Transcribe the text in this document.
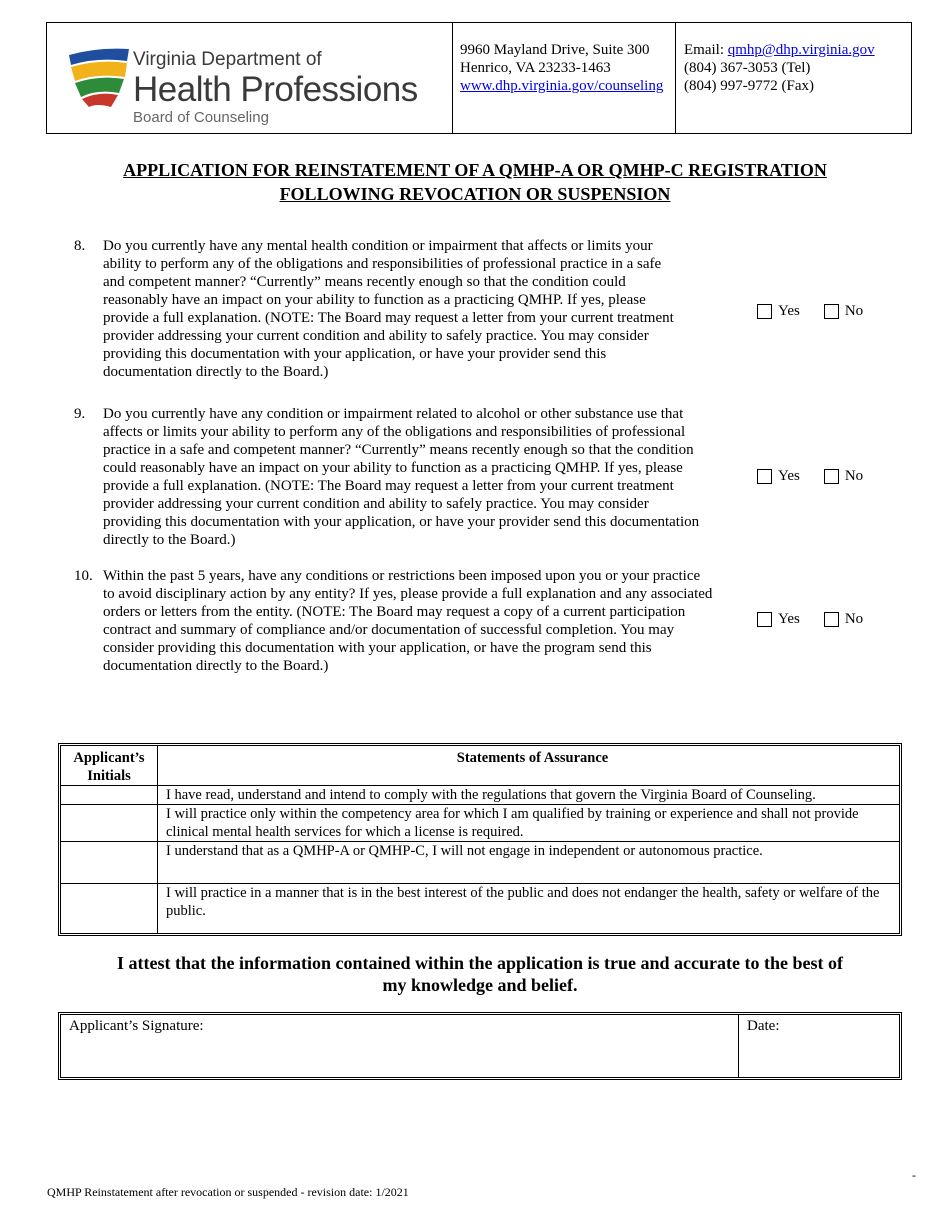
Virginia Department of
Health Professions
Board of Counseling
9960 Mayland Drive, Suite 300
Henrico, VA 23233-1463
www.dhp.virginia.gov/counseling
Email: qmhp@dhp.virginia.gov
(804) 367-3053 (Tel)
(804) 997-9772 (Fax)
APPLICATION FOR REINSTATEMENT OF A QMHP-A OR QMHP-C REGISTRATION
FOLLOWING REVOCATION OR SUSPENSION
8.	Do you currently have any mental health condition or impairment that affects or limits your
ability to perform any of the obligations and responsibilities of professional practice in a safe
and competent manner? “Currently” means recently enough so that the condition could
reasonably have an impact on your ability to function as a practicing QMHP. If yes, please
provide a full explanation. (NOTE: The Board may request a letter from your current treatment
provider addressing your current condition and ability to safely practice. You may consider
providing this documentation with your application, or have your provider send this
documentation directly to the Board.)
Yes	No
9.	Do you currently have any condition or impairment related to alcohol or other substance use that
affects or limits your ability to perform any of the obligations and responsibilities of professional
practice in a safe and competent manner? “Currently” means recently enough so that the condition
could reasonably have an impact on your ability to function as a practicing QMHP. If yes, please
provide a full explanation. (NOTE: The Board may request a letter from your current treatment
provider addressing your current condition and ability to safely practice. You may consider
providing this documentation with your application, or have your provider send this documentation
directly to the Board.)
Yes	No
10. Within the past 5 years, have any conditions or restrictions been imposed upon you or your practice
to avoid disciplinary action by any entity? If yes, please provide a full explanation and any associated
orders or letters from the entity. (NOTE: The Board may request a copy of a current participation
contract and summary of compliance and/or documentation of successful completion. You may
consider providing this documentation with your application, or have the program send this
documentation directly to the Board.)
Yes	No
Applicant’s Initials	Statements of Assurance
	I have read, understand and intend to comply with the regulations that govern the Virginia Board of Counseling.
	I will practice only within the competency area for which I am qualified by training or experience and shall not provide clinical mental health services for which a license is required.
	I understand that as a QMHP-A or QMHP-C, I will not engage in independent or autonomous practice.
	I will practice in a manner that is in the best interest of the public and does not endanger the health, safety or welfare of the public.
I attest that the information contained within the application is true and accurate to the best of
my knowledge and belief.
Applicant’s Signature:	Date:
QMHP Reinstatement after revocation or suspended - revision date: 1/2021
-
